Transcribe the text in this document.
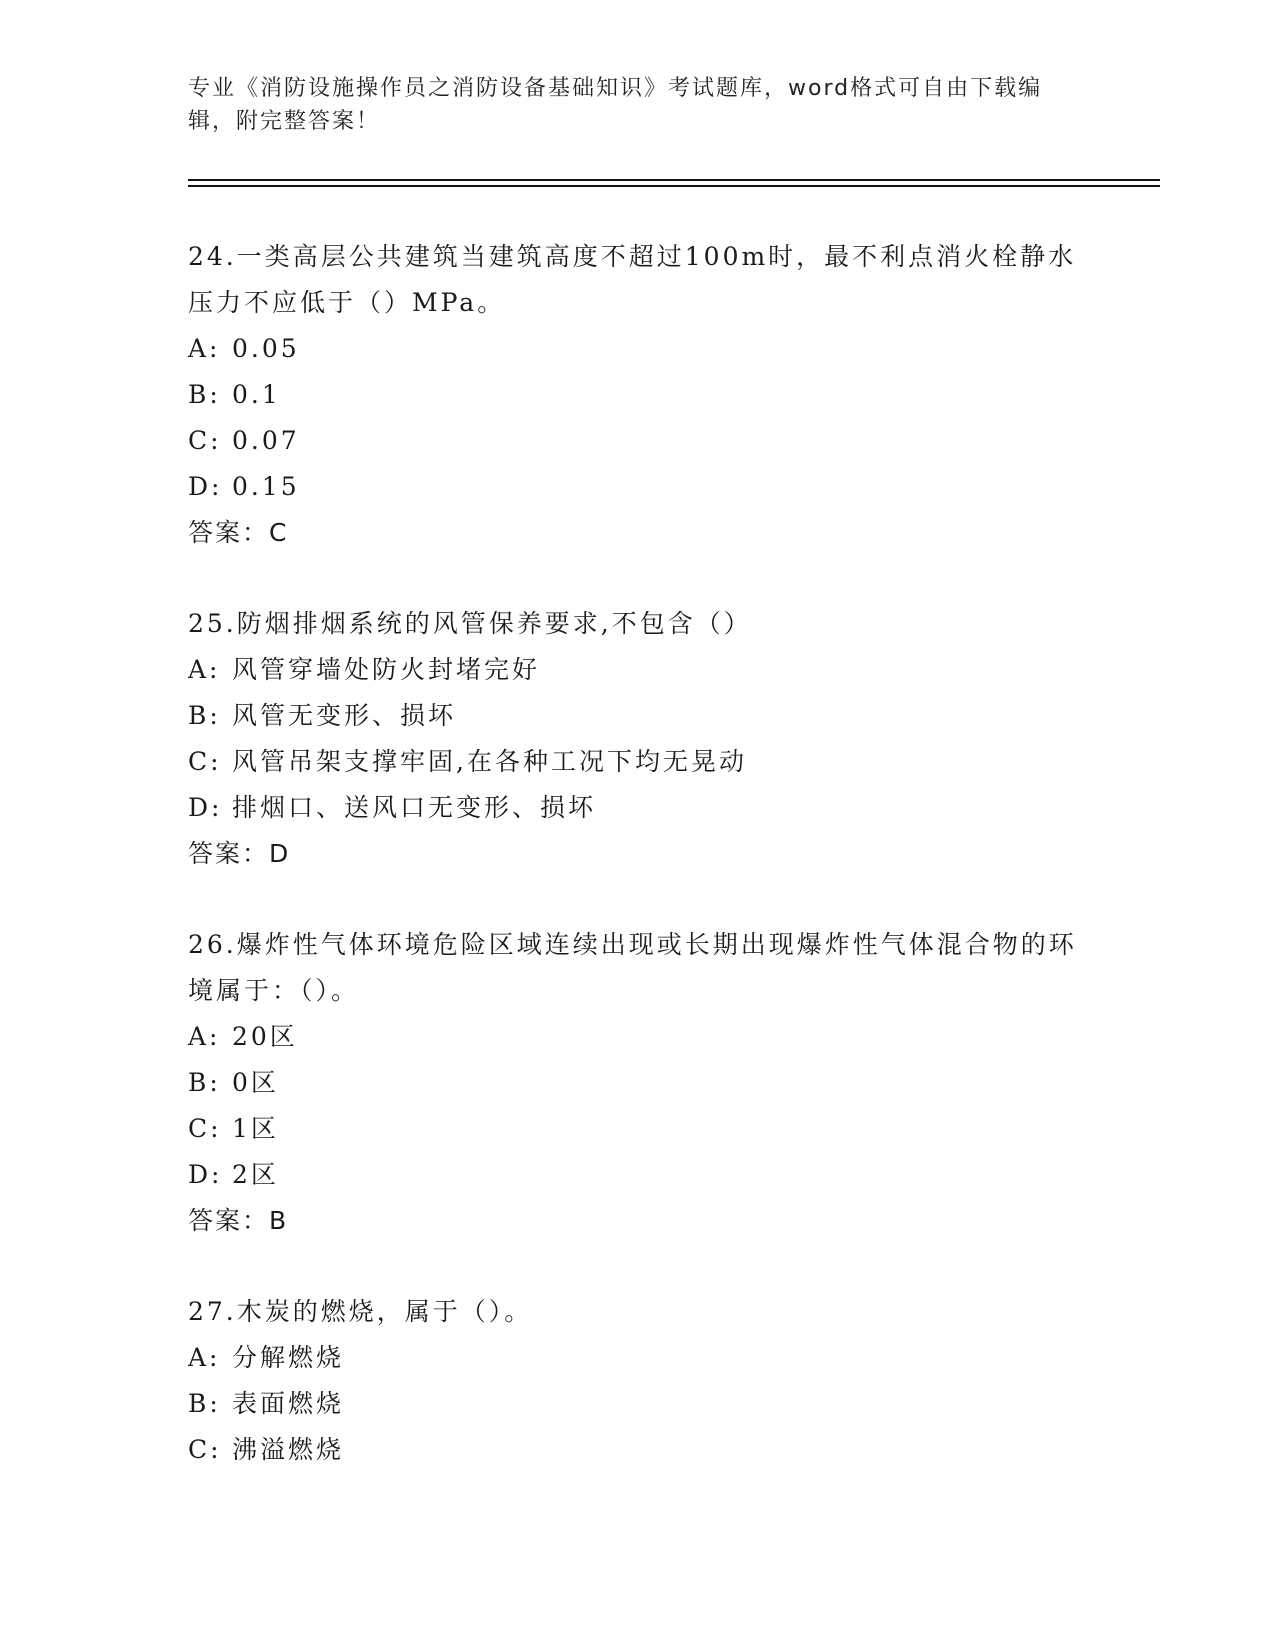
专业《消防设施操作员之消防设备基础知识》考试题库，word格式可自由下载编辑，附完整答案！

24.一类高层公共建筑当建筑高度不超过100m时，最不利点消火栓静水压力不应低于（）MPa。

A: 0.05

B: 0.1

C: 0.07

D: 0.15

答案：C

25.防烟排烟系统的风管保养要求,不包含（）

A: 风管穿墙处防火封堵完好

B: 风管无变形、损坏

C: 风管吊架支撑牢固,在各种工况下均无晃动

D: 排烟口、送风口无变形、损坏

答案：D

26.爆炸性气体环境危险区域连续出现或长期出现爆炸性气体混合物的环境属于：（）。

A: 20区

B: 0区

C: 1区

D: 2区

答案：B

27.木炭的燃烧，属于（）。

A: 分解燃烧

B: 表面燃烧

C: 沸溢燃烧
